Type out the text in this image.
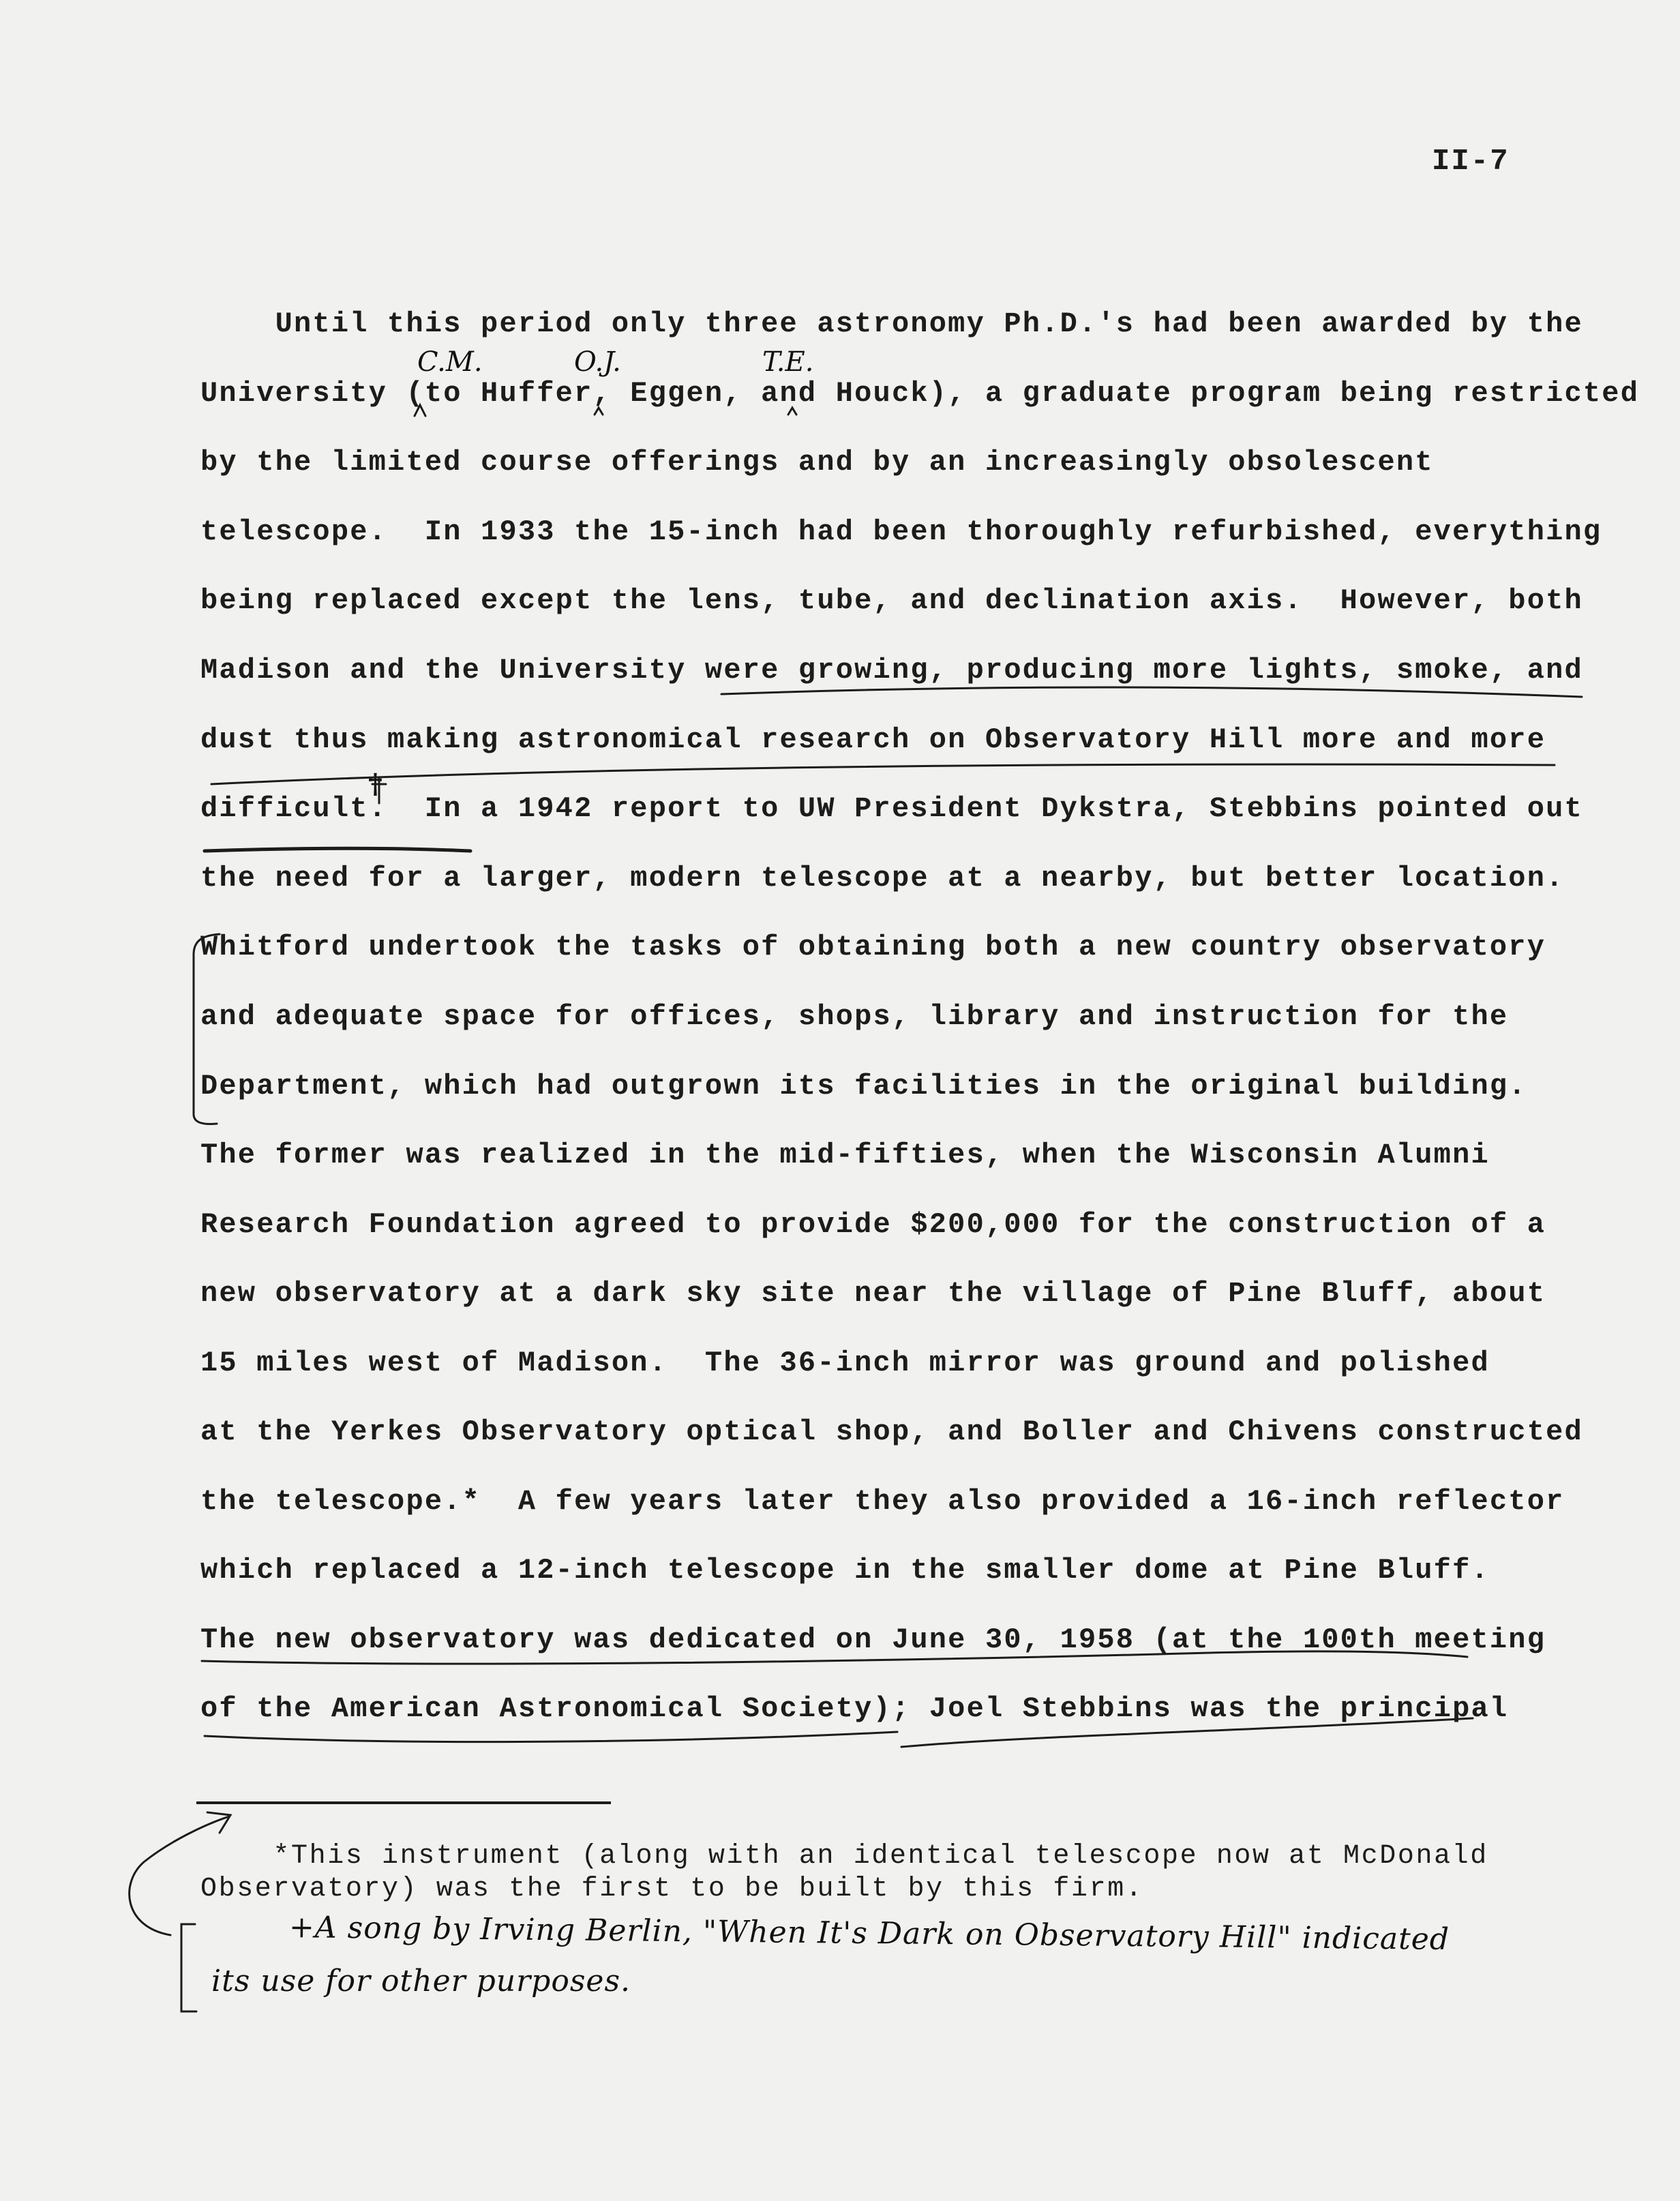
II-7
C.M.	O.J.	T.E.
†
Until this period only three astronomy Ph.D.'s had been awarded by the
University (to Huffer, Eggen, and Houck), a graduate program being restricted
by the limited course offerings and by an increasingly obsolescent
telescope.  In 1933 the 15-inch had been thoroughly refurbished, everything
being replaced except the lens, tube, and declination axis.  However, both
Madison and the University were growing, producing more lights, smoke, and
dust thus making astronomical research on Observatory Hill more and more
difficult.  In a 1942 report to UW President Dykstra, Stebbins pointed out
the need for a larger, modern telescope at a nearby, but better location.
Whitford undertook the tasks of obtaining both a new country observatory
and adequate space for offices, shops, library and instruction for the
Department, which had outgrown its facilities in the original building.
The former was realized in the mid-fifties, when the Wisconsin Alumni
Research Foundation agreed to provide $200,000 for the construction of a
new observatory at a dark sky site near the village of Pine Bluff, about
15 miles west of Madison.  The 36-inch mirror was ground and polished
at the Yerkes Observatory optical shop, and Boller and Chivens constructed
the telescope.*  A few years later they also provided a 16-inch reflector
which replaced a 12-inch telescope in the smaller dome at Pine Bluff.
The new observatory was dedicated on June 30, 1958 (at the 100th meeting
of the American Astronomical Society); Joel Stebbins was the principal
*This instrument (along with an identical telescope now at McDonald
Observatory) was the first to be built by this firm.
+A song by Irving Berlin, "When It's Dark on Observatory Hill" indicated
its use for other purposes.
